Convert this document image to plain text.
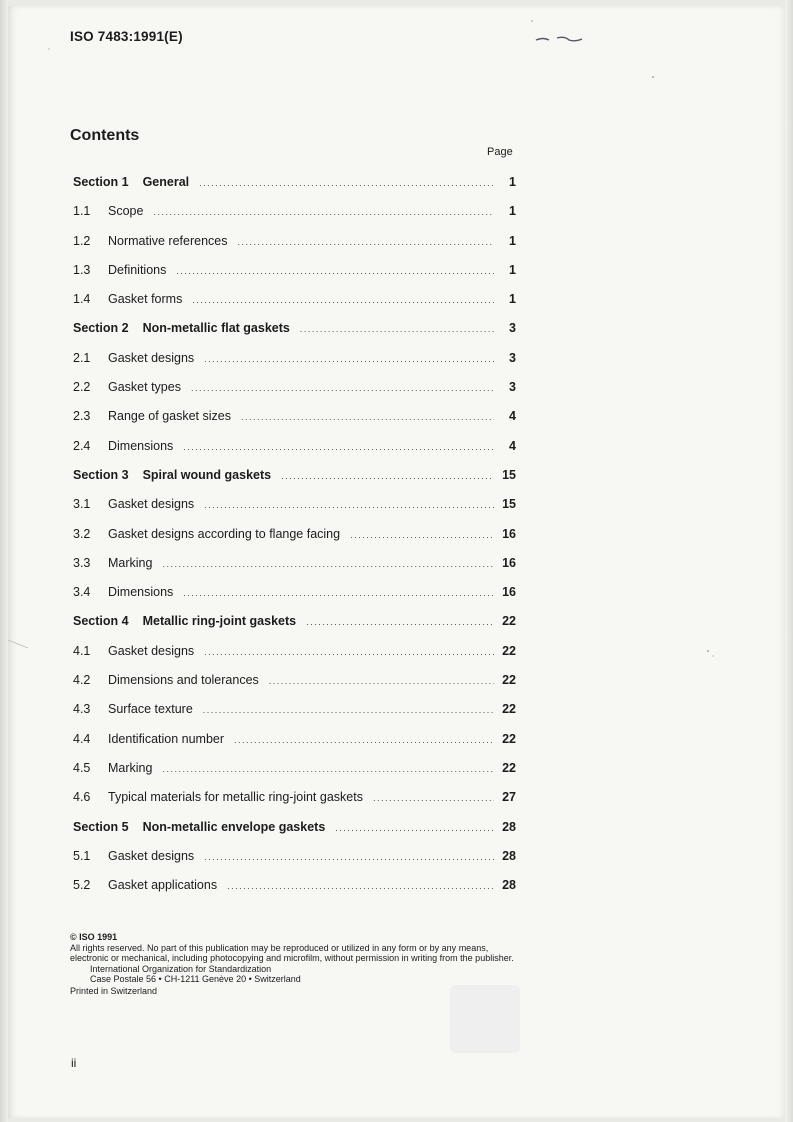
ISO 7483:1991(E)
Contents
Page
Section 1 General .....	1
1.1	Scope .....	1
1.2	Normative references .....	1
1.3	Definitions .....	1
1.4	Gasket forms .....	1
Section 2 Non-metallic flat gaskets .....	3
2.1	Gasket designs .....	3
2.2	Gasket types .....	3
2.3	Range of gasket sizes .....	4
2.4	Dimensions .....	4
Section 3 Spiral wound gaskets .....	15
3.1	Gasket designs .....	15
3.2	Gasket designs according to flange facing .....	16
3.3	Marking .....	16
3.4	Dimensions .....	16
Section 4 Metallic ring-joint gaskets .....	22
4.1	Gasket designs .....	22
4.2	Dimensions and tolerances .....	22
4.3	Surface texture .....	22
4.4	Identification number .....	22
4.5	Marking .....	22
4.6	Typical materials for metallic ring-joint gaskets .....	27
Section 5 Non-metallic envelope gaskets .....	28
5.1	Gasket designs .....	28
5.2	Gasket applications .....	28
© ISO 1991
All rights reserved. No part of this publication may be reproduced or utilized in any form or by any means, electronic or mechanical, including photocopying and microfilm, without permission in writing from the publisher.
International Organization for Standardization
Case Postale 56 • CH-1211 Genève 20 • Switzerland
Printed in Switzerland
ii
